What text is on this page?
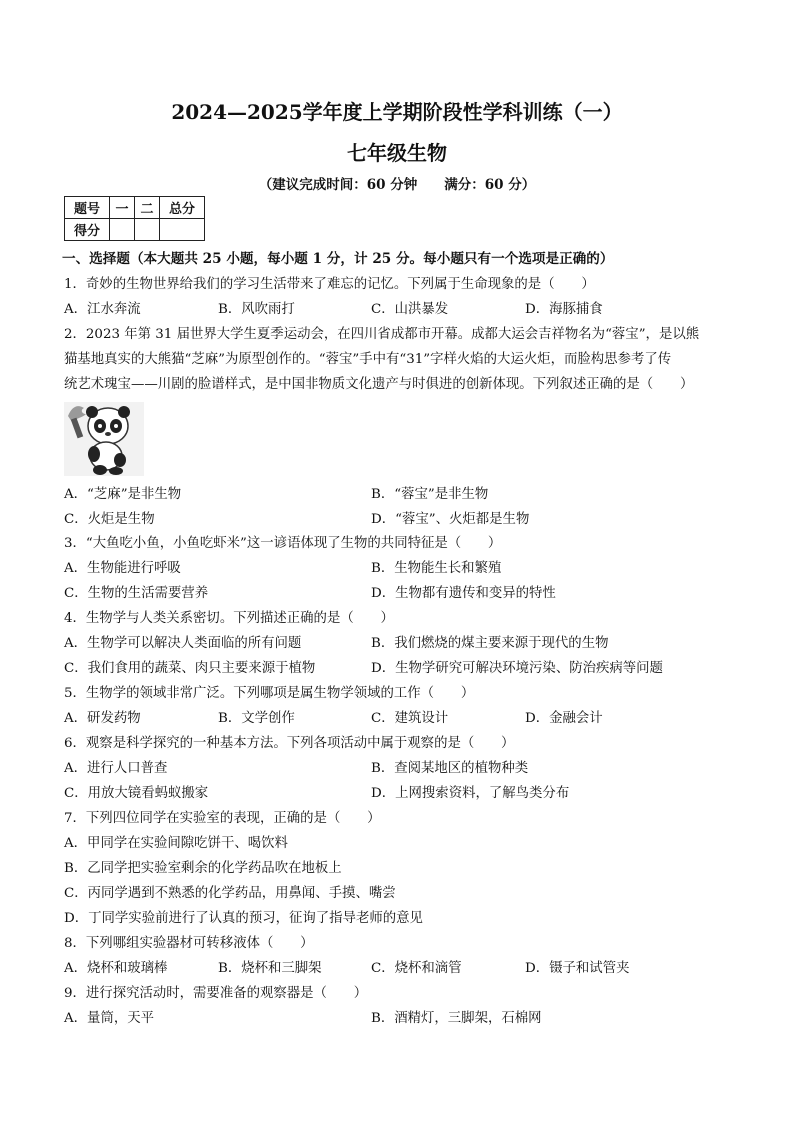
2024—2025学年度上学期阶段性学科训练（一）
七年级生物
（建议完成时间：60 分钟　　满分：60 分）
题号	一	二	总分
得分			
一、选择题（本大题共 25 小题，每小题 1 分，计 25 分。每小题只有一个选项是正确的）
1．奇妙的生物世界给我们的学习生活带来了难忘的记忆。下列属于生命现象的是（　　）
A．江水奔流	B．风吹雨打	C．山洪暴发	D．海豚捕食
2．2023 年第 31 届世界大学生夏季运动会，在四川省成都市开幕。成都大运会吉祥物名为“蓉宝”，是以熊
猫基地真实的大熊猫“芝麻”为原型创作的。“蓉宝”手中有“31”字样火焰的大运火炬，而脸构思参考了传
统艺术瑰宝——川剧的脸谱样式，是中国非物质文化遗产与时俱进的创新体现。下列叙述正确的是（　　）
A．“芝麻”是非生物	B．“蓉宝”是非生物
C．火炬是生物	D．“蓉宝”、火炬都是生物
3．“大鱼吃小鱼，小鱼吃虾米”这一谚语体现了生物的共同特征是（　　）
A．生物能进行呼吸	B．生物能生长和繁殖
C．生物的生活需要营养	D．生物都有遗传和变异的特性
4．生物学与人类关系密切。下列描述正确的是（　　）
A．生物学可以解决人类面临的所有问题	B．我们燃烧的煤主要来源于现代的生物
C．我们食用的蔬菜、肉只主要来源于植物	D．生物学研究可解决环境污染、防治疾病等问题
5．生物学的领域非常广泛。下列哪项是属生物学领域的工作（　　）
A．研发药物	B．文学创作	C．建筑设计	D．金融会计
6．观察是科学探究的一种基本方法。下列各项活动中属于观察的是（　　）
A．进行人口普查	B．查阅某地区的植物种类
C．用放大镜看蚂蚁搬家	D．上网搜索资料，了解鸟类分布
7．下列四位同学在实验室的表现，正确的是（　　）
A．甲同学在实验间隙吃饼干、喝饮料
B．乙同学把实验室剩余的化学药品吹在地板上
C．丙同学遇到不熟悉的化学药品，用鼻闻、手摸、嘴尝
D．丁同学实验前进行了认真的预习，征询了指导老师的意见
8．下列哪组实验器材可转移液体（　　）
A．烧杯和玻璃棒	B．烧杯和三脚架	C．烧杯和滴管	D．镊子和试管夹
9．进行探究活动时，需要准备的观察器是（　　）
A．量筒，天平	B．酒精灯，三脚架，石棉网
